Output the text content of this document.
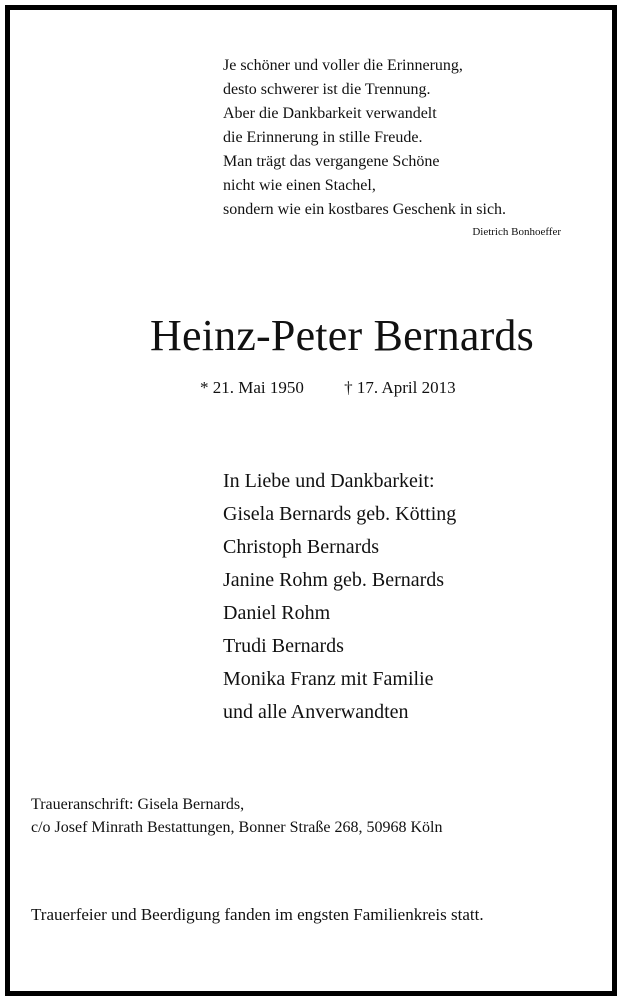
Je schöner und voller die Erinnerung,
desto schwerer ist die Trennung.
Aber die Dankbarkeit verwandelt
die Erinnerung in stille Freude.
Man trägt das vergangene Schöne
nicht wie einen Stachel,
sondern wie ein kostbares Geschenk in sich.
Dietrich Bonhoeffer
Heinz-Peter Bernards
* 21. Mai 1950 † 17. April 2013
In Liebe und Dankbarkeit:
Gisela Bernards geb. Kötting
Christoph Bernards
Janine Rohm geb. Bernards
Daniel Rohm
Trudi Bernards
Monika Franz mit Familie
und alle Anverwandten
Traueranschrift: Gisela Bernards,
c/o Josef Minrath Bestattungen, Bonner Straße 268, 50968 Köln
Trauerfeier und Beerdigung fanden im engsten Familienkreis statt.
